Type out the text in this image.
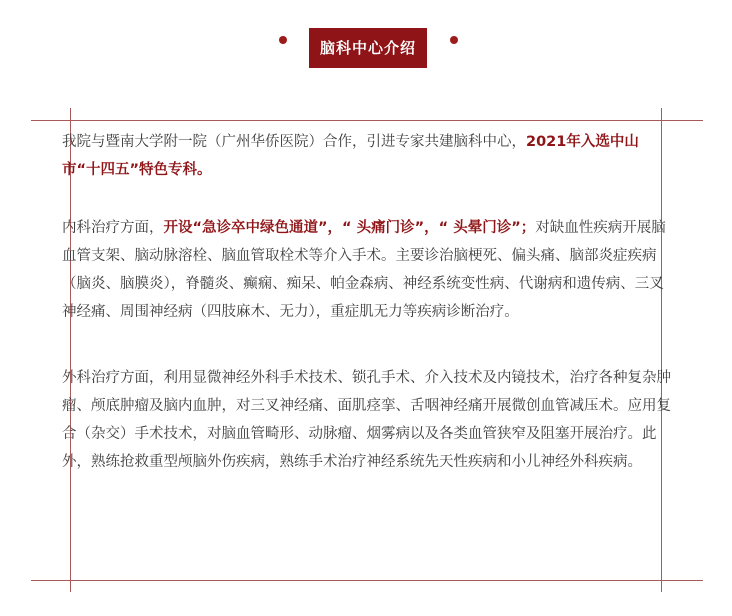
脑科中心介绍

我院与暨南大学附一院（广州华侨医院）合作，引进专家共建脑科中心，2021年入选中山市“十四五”特色专科。

内科治疗方面，开设“急诊卒中绿色通道”，“ 头痛门诊”，“ 头晕门诊”；对缺血性疾病开展脑血管支架、脑动脉溶栓、脑血管取栓术等介入手术。主要诊治脑梗死、偏头痛、脑部炎症疾病（脑炎、脑膜炎），脊髓炎、癫痫、痴呆、帕金森病、神经系统变性病、代谢病和遗传病、三叉神经痛、周围神经病（四肢麻木、无力），重症肌无力等疾病诊断治疗。

外科治疗方面，利用显微神经外科手术技术、锁孔手术、介入技术及内镜技术，治疗各种复杂肿瘤、颅底肿瘤及脑内血肿，对三叉神经痛、面肌痉挛、舌咽神经痛开展微创血管减压术。应用复合（杂交）手术技术，对脑血管畸形、动脉瘤、烟雾病以及各类血管狭窄及阻塞开展治疗。此外，熟练抢救重型颅脑外伤疾病，熟练手术治疗神经系统先天性疾病和小儿神经外科疾病。
